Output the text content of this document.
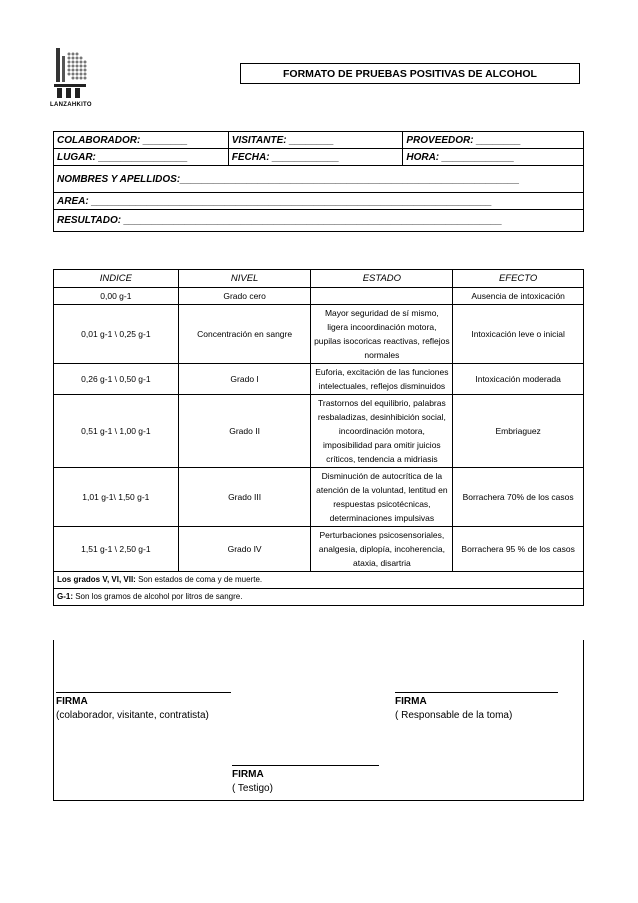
LANZAHKITO
FORMATO DE PRUEBAS POSITIVAS DE ALCOHOL
COLABORADOR: ________	VISITANTE: ________	PROVEEDOR: ________
LUGAR: ________________	FECHA: ____________	HORA: _____________
NOMBRES Y APELLIDOS:_____________________________________________________________		
AREA: ________________________________________________________________________		
RESULTADO: ____________________________________________________________________		
INDICE	NIVEL	ESTADO	EFECTO
0,00 g-1	Grado cero		Ausencia de intoxicación
0,01 g-1 \ 0,25 g-1	Concentración en sangre	Mayor seguridad de sí mismo, ligera incoordinación motora, pupilas isocoricas reactivas, reflejos normales	Intoxicación leve o inicial
0,26 g-1 \ 0,50 g-1	Grado I	Euforia, excitación de las funciones intelectuales, reflejos disminuidos	Intoxicación moderada
0,51 g-1 \ 1,00 g-1	Grado II	Trastornos del equilibrio, palabras resbaladizas, desinhibición social, incoordinación motora, imposibilidad para omitir juicios críticos, tendencia a midriasis	Embriaguez
1,01 g-1\ 1,50 g-1	Grado III	Disminución de autocrítica de la atención de la voluntad, lentitud en respuestas psicotécnicas, determinaciones impulsivas	Borrachera 70% de los casos
1,51 g-1 \ 2,50 g-1	Grado IV	Perturbaciones psicosensoriales, analgesia, diplopía, incoherencia, ataxia, disartria	Borrachera 95 % de los casos
Los grados V, VI, VII: Son estados de coma y de muerte.			
G-1: Son los gramos de alcohol por litros de sangre.			
FIRMA
(colaborador, visitante, contratista)
FIRMA
( Responsable de la toma)
FIRMA
( Testigo)
